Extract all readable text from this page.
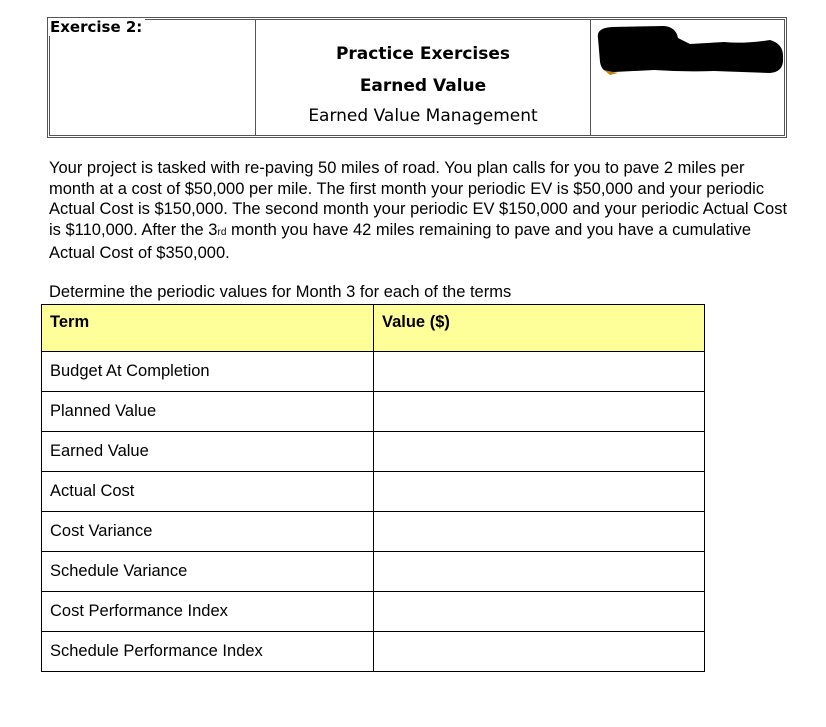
Practice Exercises
Earned Value
Earned Value Management
Exercise 2:

Your project is tasked with re-paving 50 miles of road. You plan calls for you to pave 2 miles per month at a cost of $50,000 per mile. The first month your periodic EV is $50,000 and your periodic Actual Cost is $150,000. The second month your periodic EV $150,000 and your periodic Actual Cost is $110,000. After the 3rd month you have 42 miles remaining to pave and you have a cumulative Actual Cost of $350,000.

Determine the periodic values for Month 3 for each of the terms
Term	Value ($)
Budget At Completion	
Planned Value	
Earned Value	
Actual Cost	
Cost Variance	
Schedule Variance	
Cost Performance Index	
Schedule Performance Index	
